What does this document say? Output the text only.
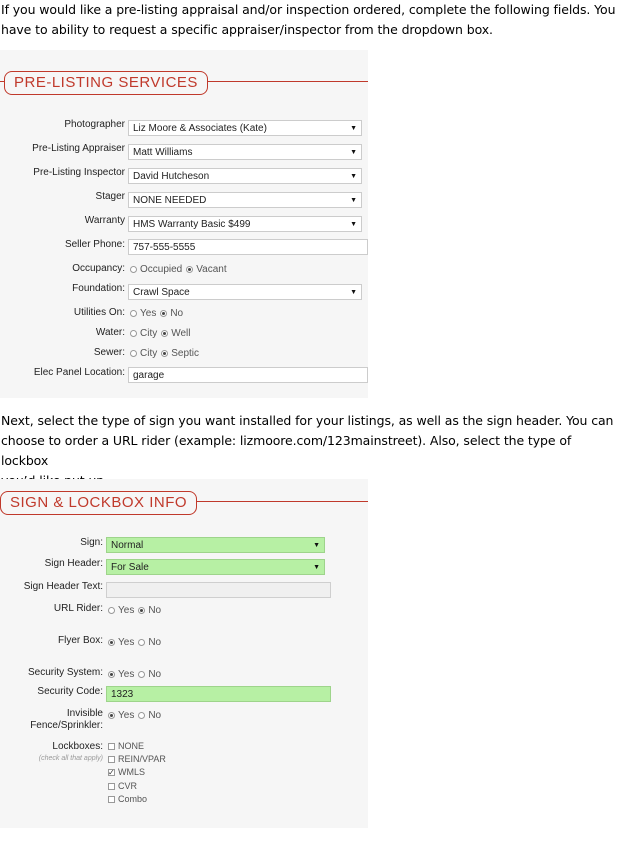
If you would like a pre-listing appraisal and/or inspection ordered, complete the following fields. You
have to ability to request a specific appraiser/inspector from the dropdown box.
PRE-LISTING SERVICES
Photographer Liz Moore & Associates (Kate)	▼
Pre-Listing Appraiser Matt Williams	▼
Pre-Listing Inspector David Hutcheson	▼
Stager NONE NEEDED	▼
Warranty HMS Warranty Basic $499	▼
Seller Phone: 757-555-5555
Occupancy:	Occupied Vacant
Foundation: Crawl Space	▼
Utilities On:	Yes No
Water:	City Well
Sewer:	City Septic
Elec Panel Location: garage
Next, select the type of sign you want installed for your listings, as well as the sign header. You can
choose to order a URL rider (example: lizmoore.com/123mainstreet). Also, select the type of lockbox
SIGN & LOCKBOX INFO
Sign: Normal	▼
Sign Header: For Sale	▼
Sign Header Text:
URL Rider:	Yes No
Flyer Box:	Yes No
Security System:	Yes No
Security Code: 1323
Invisible
Fence/Sprinkler:
Yes No
Lockboxes:
(check all that apply)
NONE
REIN/VPAR
✓WMLS
CVR
Combo
